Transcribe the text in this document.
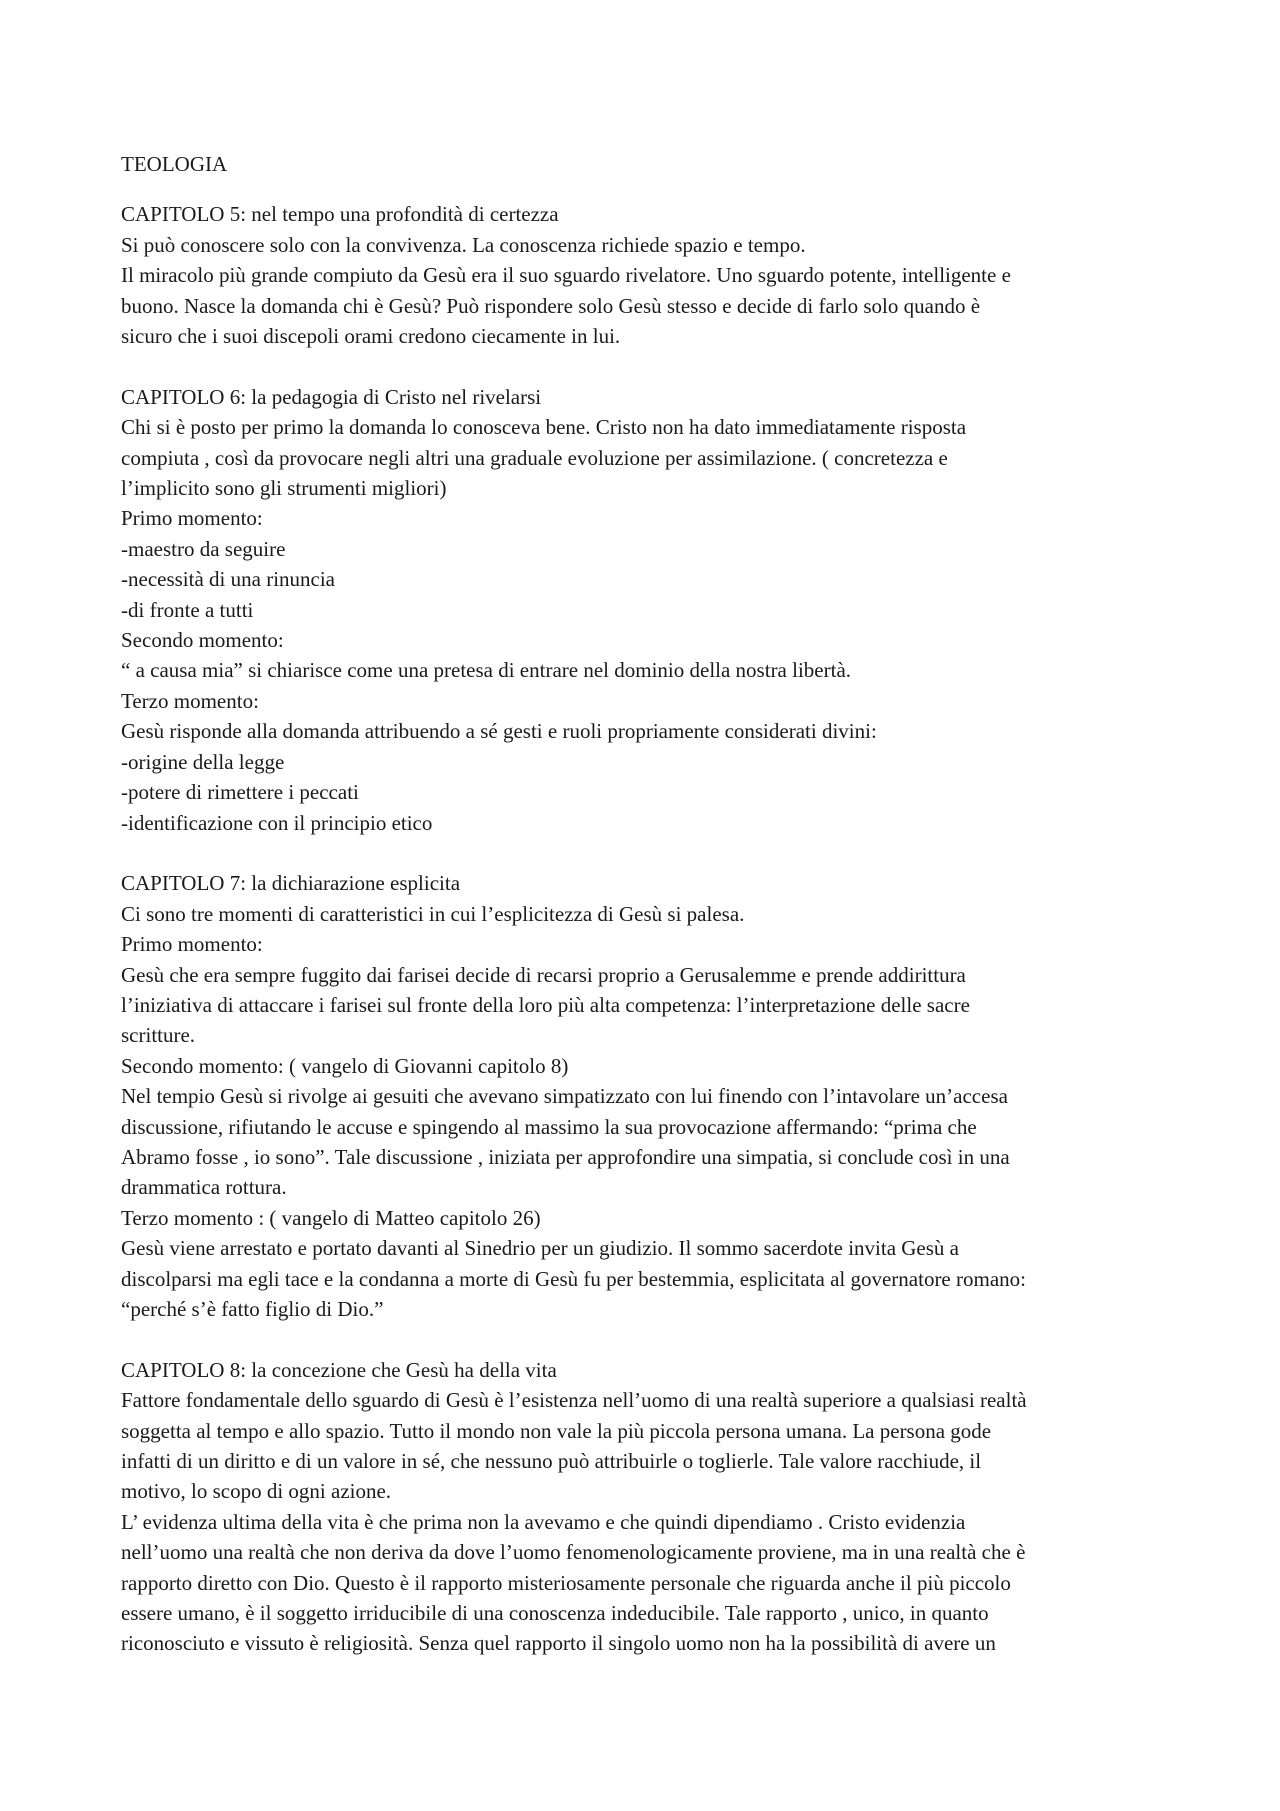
TEOLOGIA
CAPITOLO 5: nel tempo una profondità di certezza

Si può conoscere solo con la convivenza. La conoscenza richiede spazio e tempo.

Il miracolo più grande compiuto da Gesù era il suo sguardo rivelatore. Uno sguardo potente, intelligente e

buono. Nasce la domanda chi è Gesù? Può rispondere solo Gesù stesso e decide di farlo solo quando è

sicuro che i suoi discepoli orami credono ciecamente in lui.

CAPITOLO 6: la pedagogia di Cristo nel rivelarsi

Chi si è posto per primo la domanda lo conosceva bene. Cristo non ha dato immediatamente risposta

compiuta , così da provocare negli altri una graduale evoluzione per assimilazione. ( concretezza e

l’implicito sono gli strumenti migliori)

Primo momento:

-maestro da seguire

-necessità di una rinuncia

-di fronte a tutti

Secondo momento:

“ a causa mia” si chiarisce come una pretesa di entrare nel dominio della nostra libertà.

Terzo momento:

Gesù risponde alla domanda attribuendo a sé gesti e ruoli propriamente considerati divini:

-origine della legge

-potere di rimettere i peccati

-identificazione con il principio etico

CAPITOLO 7: la dichiarazione esplicita

Ci sono tre momenti di caratteristici in cui l’esplicitezza di Gesù si palesa.

Primo momento:

Gesù che era sempre fuggito dai farisei decide di recarsi proprio a Gerusalemme e prende addirittura

l’iniziativa di attaccare i farisei sul fronte della loro più alta competenza: l’interpretazione delle sacre

scritture.

Secondo momento: ( vangelo di Giovanni capitolo 8)

Nel tempio Gesù si rivolge ai gesuiti che avevano simpatizzato con lui finendo con l’intavolare un’accesa

discussione, rifiutando le accuse e spingendo al massimo la sua provocazione affermando: “prima che

Abramo fosse , io sono”. Tale discussione , iniziata per approfondire una simpatia, si conclude così in una

drammatica rottura.

Terzo momento : ( vangelo di Matteo capitolo 26)

Gesù viene arrestato e portato davanti al Sinedrio per un giudizio. Il sommo sacerdote invita Gesù a

discolparsi ma egli tace e la condanna a morte di Gesù fu per bestemmia, esplicitata al governatore romano:

“perché s’è fatto figlio di Dio.”

CAPITOLO 8: la concezione che Gesù ha della vita

Fattore fondamentale dello sguardo di Gesù è l’esistenza nell’uomo di una realtà superiore a qualsiasi realtà

soggetta al tempo e allo spazio. Tutto il mondo non vale la più piccola persona umana. La persona gode

infatti di un diritto e di un valore in sé, che nessuno può attribuirle o toglierle. Tale valore racchiude, il

motivo, lo scopo di ogni azione.

L’ evidenza ultima della vita è che prima non la avevamo e che quindi dipendiamo . Cristo evidenzia

nell’uomo una realtà che non deriva da dove l’uomo fenomenologicamente proviene, ma in una realtà che è

rapporto diretto con Dio. Questo è il rapporto misteriosamente personale che riguarda anche il più piccolo

essere umano, è il soggetto irriducibile di una conoscenza indeducibile. Tale rapporto , unico, in quanto

riconosciuto e vissuto è religiosità. Senza quel rapporto il singolo uomo non ha la possibilità di avere un
